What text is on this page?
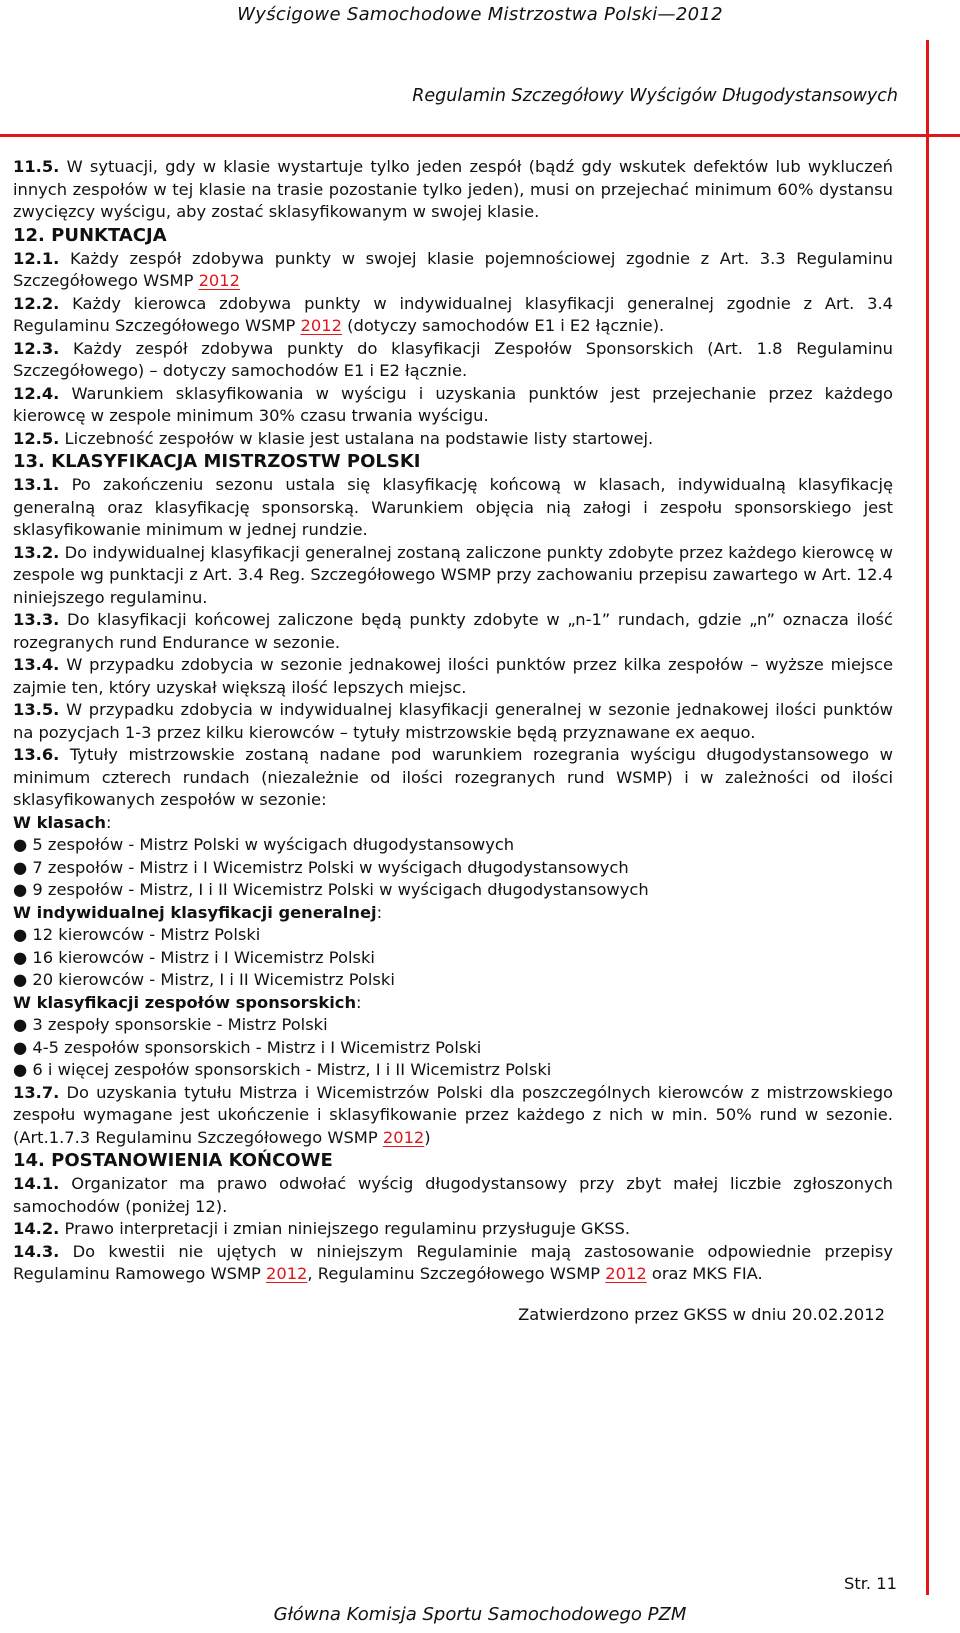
Wyścigowe Samochodowe Mistrzostwa Polski—2012
Regulamin Szczegółowy Wyścigów Długodystansowych

11.5. W sytuacji, gdy w klasie wystartuje tylko jeden zespół (bądź gdy wskutek defektów lub wykluczeń innych zespołów w tej klasie na trasie pozostanie tylko jeden), musi on przejechać minimum 60% dystansu zwycięzcy wyścigu, aby zostać sklasyfikowanym w swojej klasie.

12. PUNKTACJA

12.1. Każdy zespół zdobywa punkty w swojej klasie pojemnościowej zgodnie z Art. 3.3 Regulaminu Szczegółowego WSMP 2012

12.2. Każdy kierowca zdobywa punkty w indywidualnej klasyfikacji generalnej zgodnie z Art. 3.4 Regulaminu Szczegółowego WSMP 2012 (dotyczy samochodów E1 i E2 łącznie).

12.3. Każdy zespół zdobywa punkty do klasyfikacji Zespołów Sponsorskich (Art. 1.8 Regulaminu Szczegółowego) – dotyczy samochodów E1 i E2 łącznie.

12.4. Warunkiem sklasyfikowania w wyścigu i uzyskania punktów jest przejechanie przez każdego kierowcę w zespole minimum 30% czasu trwania wyścigu.

12.5. Liczebność zespołów w klasie jest ustalana na podstawie listy startowej.

13. KLASYFIKACJA MISTRZOSTW POLSKI

13.1. Po zakończeniu sezonu ustala się klasyfikację końcową w klasach, indywidualną klasyfikację generalną oraz klasyfikację sponsorską. Warunkiem objęcia nią załogi i zespołu sponsorskiego jest sklasyfikowanie minimum w jednej rundzie.

13.2. Do indywidualnej klasyfikacji generalnej zostaną zaliczone punkty zdobyte przez każdego kierowcę w zespole wg punktacji z Art. 3.4 Reg. Szczegółowego WSMP przy zachowaniu przepisu zawartego w Art. 12.4 niniejszego regulaminu.

13.3. Do klasyfikacji końcowej zaliczone będą punkty zdobyte w „n-1” rundach, gdzie „n” oznacza ilość rozegranych rund Endurance w sezonie.

13.4. W przypadku zdobycia w sezonie jednakowej ilości punktów przez kilka zespołów – wyższe miejsce zajmie ten, który uzyskał większą ilość lepszych miejsc.

13.5. W przypadku zdobycia w indywidualnej klasyfikacji generalnej w sezonie jednakowej ilości punktów na pozycjach 1-3 przez kilku kierowców – tytuły mistrzowskie będą przyznawane ex aequo.

13.6. Tytuły mistrzowskie zostaną nadane pod warunkiem rozegrania wyścigu długodystansowego w minimum czterech rundach (niezależnie od ilości rozegranych rund WSMP) i w zależności od ilości sklasyfikowanych zespołów w sezonie:

W klasach:

● 5 zespołów - Mistrz Polski w wyścigach długodystansowych

● 7 zespołów - Mistrz i I Wicemistrz Polski w wyścigach długodystansowych

● 9 zespołów - Mistrz, I i II Wicemistrz Polski w wyścigach długodystansowych

W indywidualnej klasyfikacji generalnej:

● 12 kierowców - Mistrz Polski

● 16 kierowców - Mistrz i I Wicemistrz Polski

● 20 kierowców - Mistrz, I i II Wicemistrz Polski

W klasyfikacji zespołów sponsorskich:

● 3 zespoły sponsorskie - Mistrz Polski

● 4-5 zespołów sponsorskich - Mistrz i I Wicemistrz Polski

● 6 i więcej zespołów sponsorskich - Mistrz, I i II Wicemistrz Polski

13.7. Do uzyskania tytułu Mistrza i Wicemistrzów Polski dla poszczególnych kierowców z mistrzowskiego zespołu wymagane jest ukończenie i sklasyfikowanie przez każdego z nich w min. 50% rund w sezonie. (Art.1.7.3 Regulaminu Szczegółowego WSMP 2012)

14. POSTANOWIENIA KOŃCOWE

14.1. Organizator ma prawo odwołać wyścig długodystansowy przy zbyt małej liczbie zgłoszonych samochodów (poniżej 12).

14.2. Prawo interpretacji i zmian niniejszego regulaminu przysługuje GKSS.

14.3. Do kwestii nie ujętych w niniejszym Regulaminie mają zastosowanie odpowiednie przepisy Regulaminu Ramowego WSMP 2012, Regulaminu Szczegółowego WSMP 2012 oraz MKS FIA.

Zatwierdzono przez GKSS w dniu 20.02.2012

Str. 11
Główna Komisja Sportu Samochodowego PZM
